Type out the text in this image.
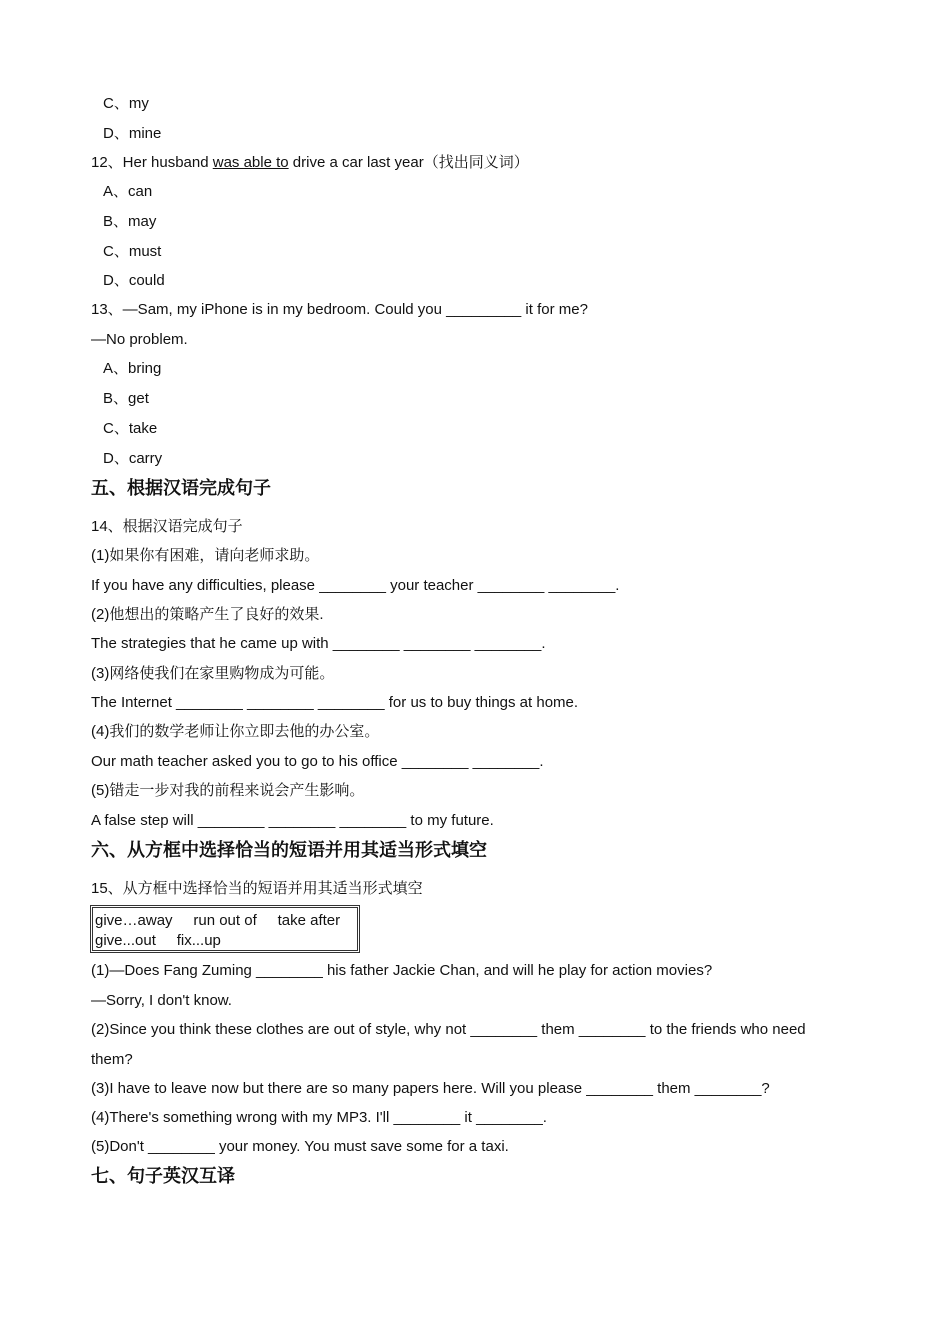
C、my
D、mine
12、Her husband was able to drive a car last year（找出同义词）
A、can
B、may
C、must
D、could
13、—Sam, my iPhone is in my bedroom. Could you _________ it for me?
—No problem.
A、bring
B、get
C、take
D、carry
五、根据汉语完成句子
14、根据汉语完成句子
(1)如果你有困难，请向老师求助。
If you have any difficulties, please ________ your teacher ________ ________.
(2)他想出的策略产生了良好的效果.
The strategies that he came up with ________ ________ ________.
(3)网络使我们在家里购物成为可能。
The Internet ________ ________ ________ for us to buy things at home.
(4)我们的数学老师让你立即去他的办公室。
Our math teacher asked you to go to his office ________ ________.
(5)错走一步对我的前程来说会产生影响。
A false step will ________ ________ ________ to my future.
六、从方框中选择恰当的短语并用其适当形式填空
15、从方框中选择恰当的短语并用其适当形式填空
give…away     run out of     take after
give...out     fix...up
(1)—Does Fang Zuming ________ his father Jackie Chan, and will he play for action movies?
—Sorry, I don't know.
(2)Since you think these clothes are out of style, why not ________ them ________ to the friends who need
them?
(3)I have to leave now but there are so many papers here. Will you please ________ them ________?
(4)There's something wrong with my MP3. I'll ________ it ________.
(5)Don't ________ your money. You must save some for a taxi.
七、句子英汉互译
